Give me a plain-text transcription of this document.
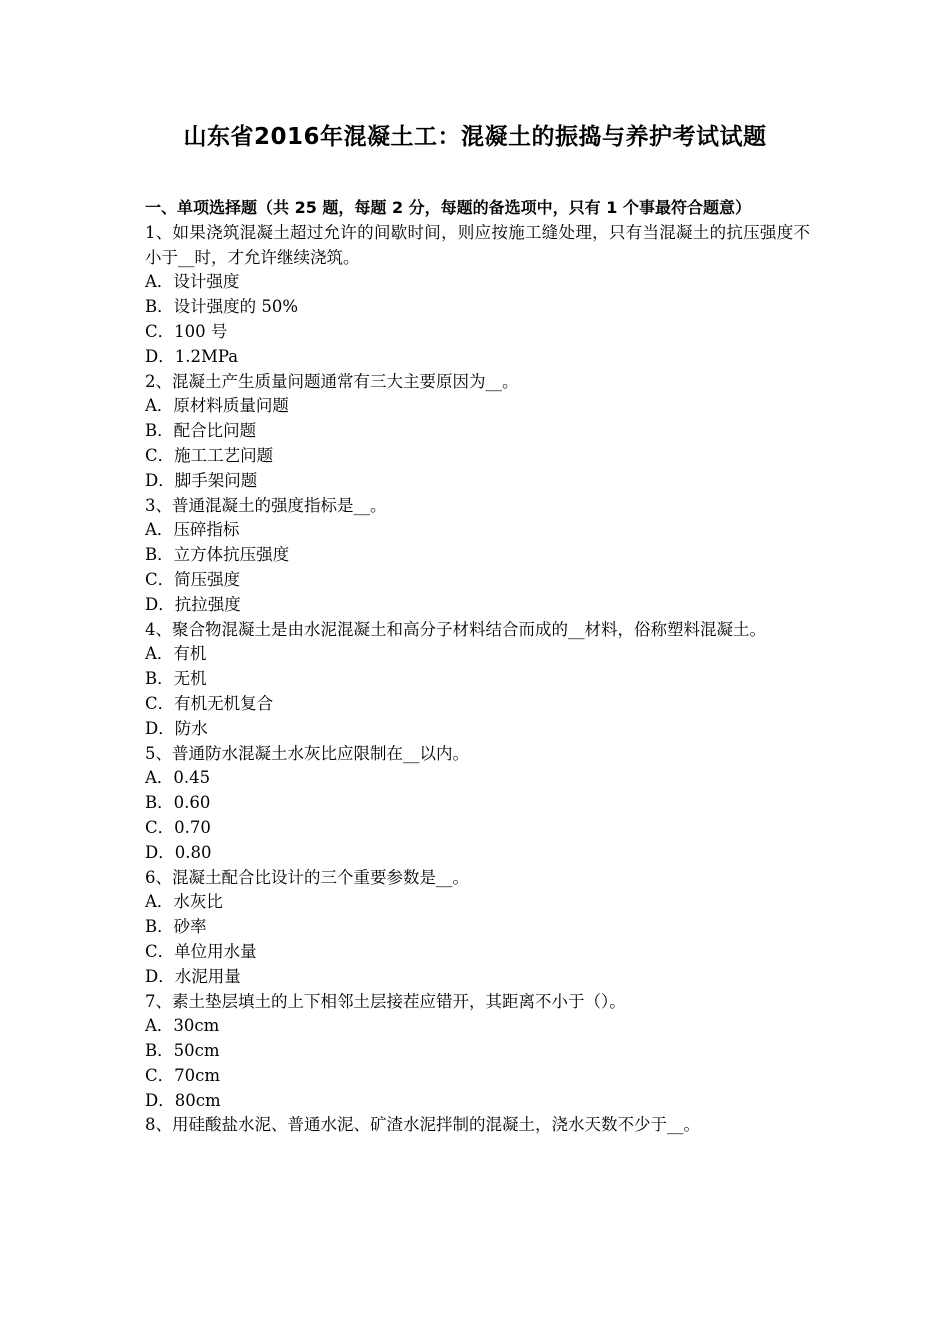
山东省2016年混凝土工：混凝土的振捣与养护考试试题
一、单项选择题（共 25 题，每题 2 分，每题的备选项中，只有 1 个事最符合题意）

1、如果浇筑混凝土超过允许的间歇时间，则应按施工缝处理，只有当混凝土的抗压强度不小于__时，才允许继续浇筑。

A．设计强度
B．设计强度的 50%
C．100 号
D．1.2MPa

2、混凝土产生质量问题通常有三大主要原因为__。

A．原材料质量问题
B．配合比问题
C．施工工艺问题
D．脚手架问题

3、普通混凝土的强度指标是__。

A．压碎指标
B．立方体抗压强度
C．简压强度
D．抗拉强度

4、聚合物混凝土是由水泥混凝土和高分子材料结合而成的__材料，俗称塑料混凝土。

A．有机
B．无机
C．有机无机复合
D．防水

5、普通防水混凝土水灰比应限制在__以内。

A．0.45
B．0.60
C．0.70
D．0.80

6、混凝土配合比设计的三个重要参数是__。

A．水灰比
B．砂率
C．单位用水量
D．水泥用量

7、素土垫层填土的上下相邻土层接茬应错开，其距离不小于（）。

A．30cm
B．50cm
C．70cm
D．80cm

8、用硅酸盐水泥、普通水泥、矿渣水泥拌制的混凝土，浇水天数不少于__。
